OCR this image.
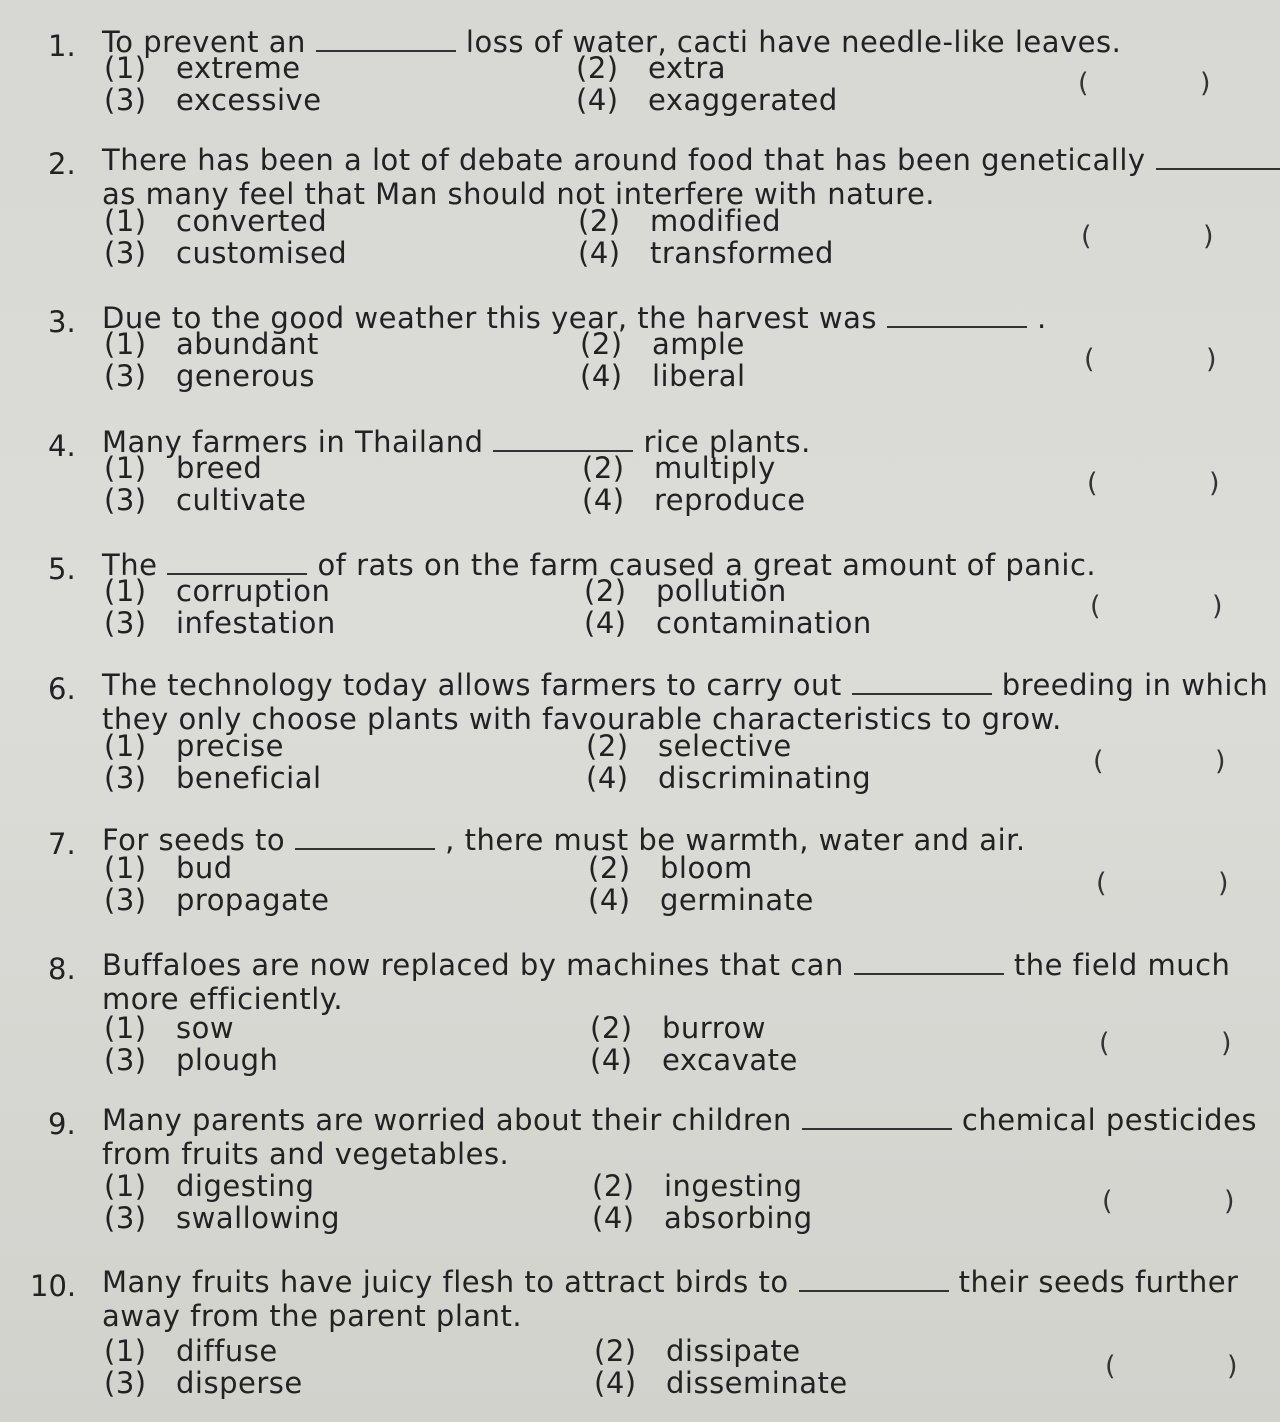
1. To prevent an	loss of water, cacti have needle-like leaves.
(1) extreme	(2) extra
(3) excessive	(4) exaggerated	(	)
2. There has been a lot of debate around food that has been genetically
as many feel that Man should not interfere with nature.
(1) converted	(2) modified
(3) customised	(4) transformed	(	)
3. Due to the good weather this year, the harvest was	.
(1) abundant	(2) ample
(3) generous	(4) liberal	(	)
4. Many farmers in Thailand	rice plants.
(1) breed	(2) multiply
(3) cultivate	(4) reproduce	(	)
5. The	of rats on the farm caused a great amount of panic.
(1) corruption	(2) pollution
(3) infestation	(4) contamination	(	)
6. The technology today allows farmers to carry out	breeding in which
they only choose plants with favourable characteristics to grow.
(1) precise	(2) selective
(3) beneficial	(4) discriminating	(	)
7. For seeds to	, there must be warmth, water and air.
(1) bud	(2) bloom
(3) propagate	(4) germinate	(	)
8. Buffaloes are now replaced by machines that can	the field much
more efficiently.
(1) sow	(2) burrow
(3) plough	(4) excavate	(	)
9. Many parents are worried about their children	chemical pesticides
from fruits and vegetables.
(1) digesting	(2) ingesting
(3) swallowing	(4) absorbing	(	)
10. Many fruits have juicy flesh to attract birds to	their seeds further
away from the parent plant.
(1) diffuse	(2) dissipate
(3) disperse	(4) disseminate	(	)
